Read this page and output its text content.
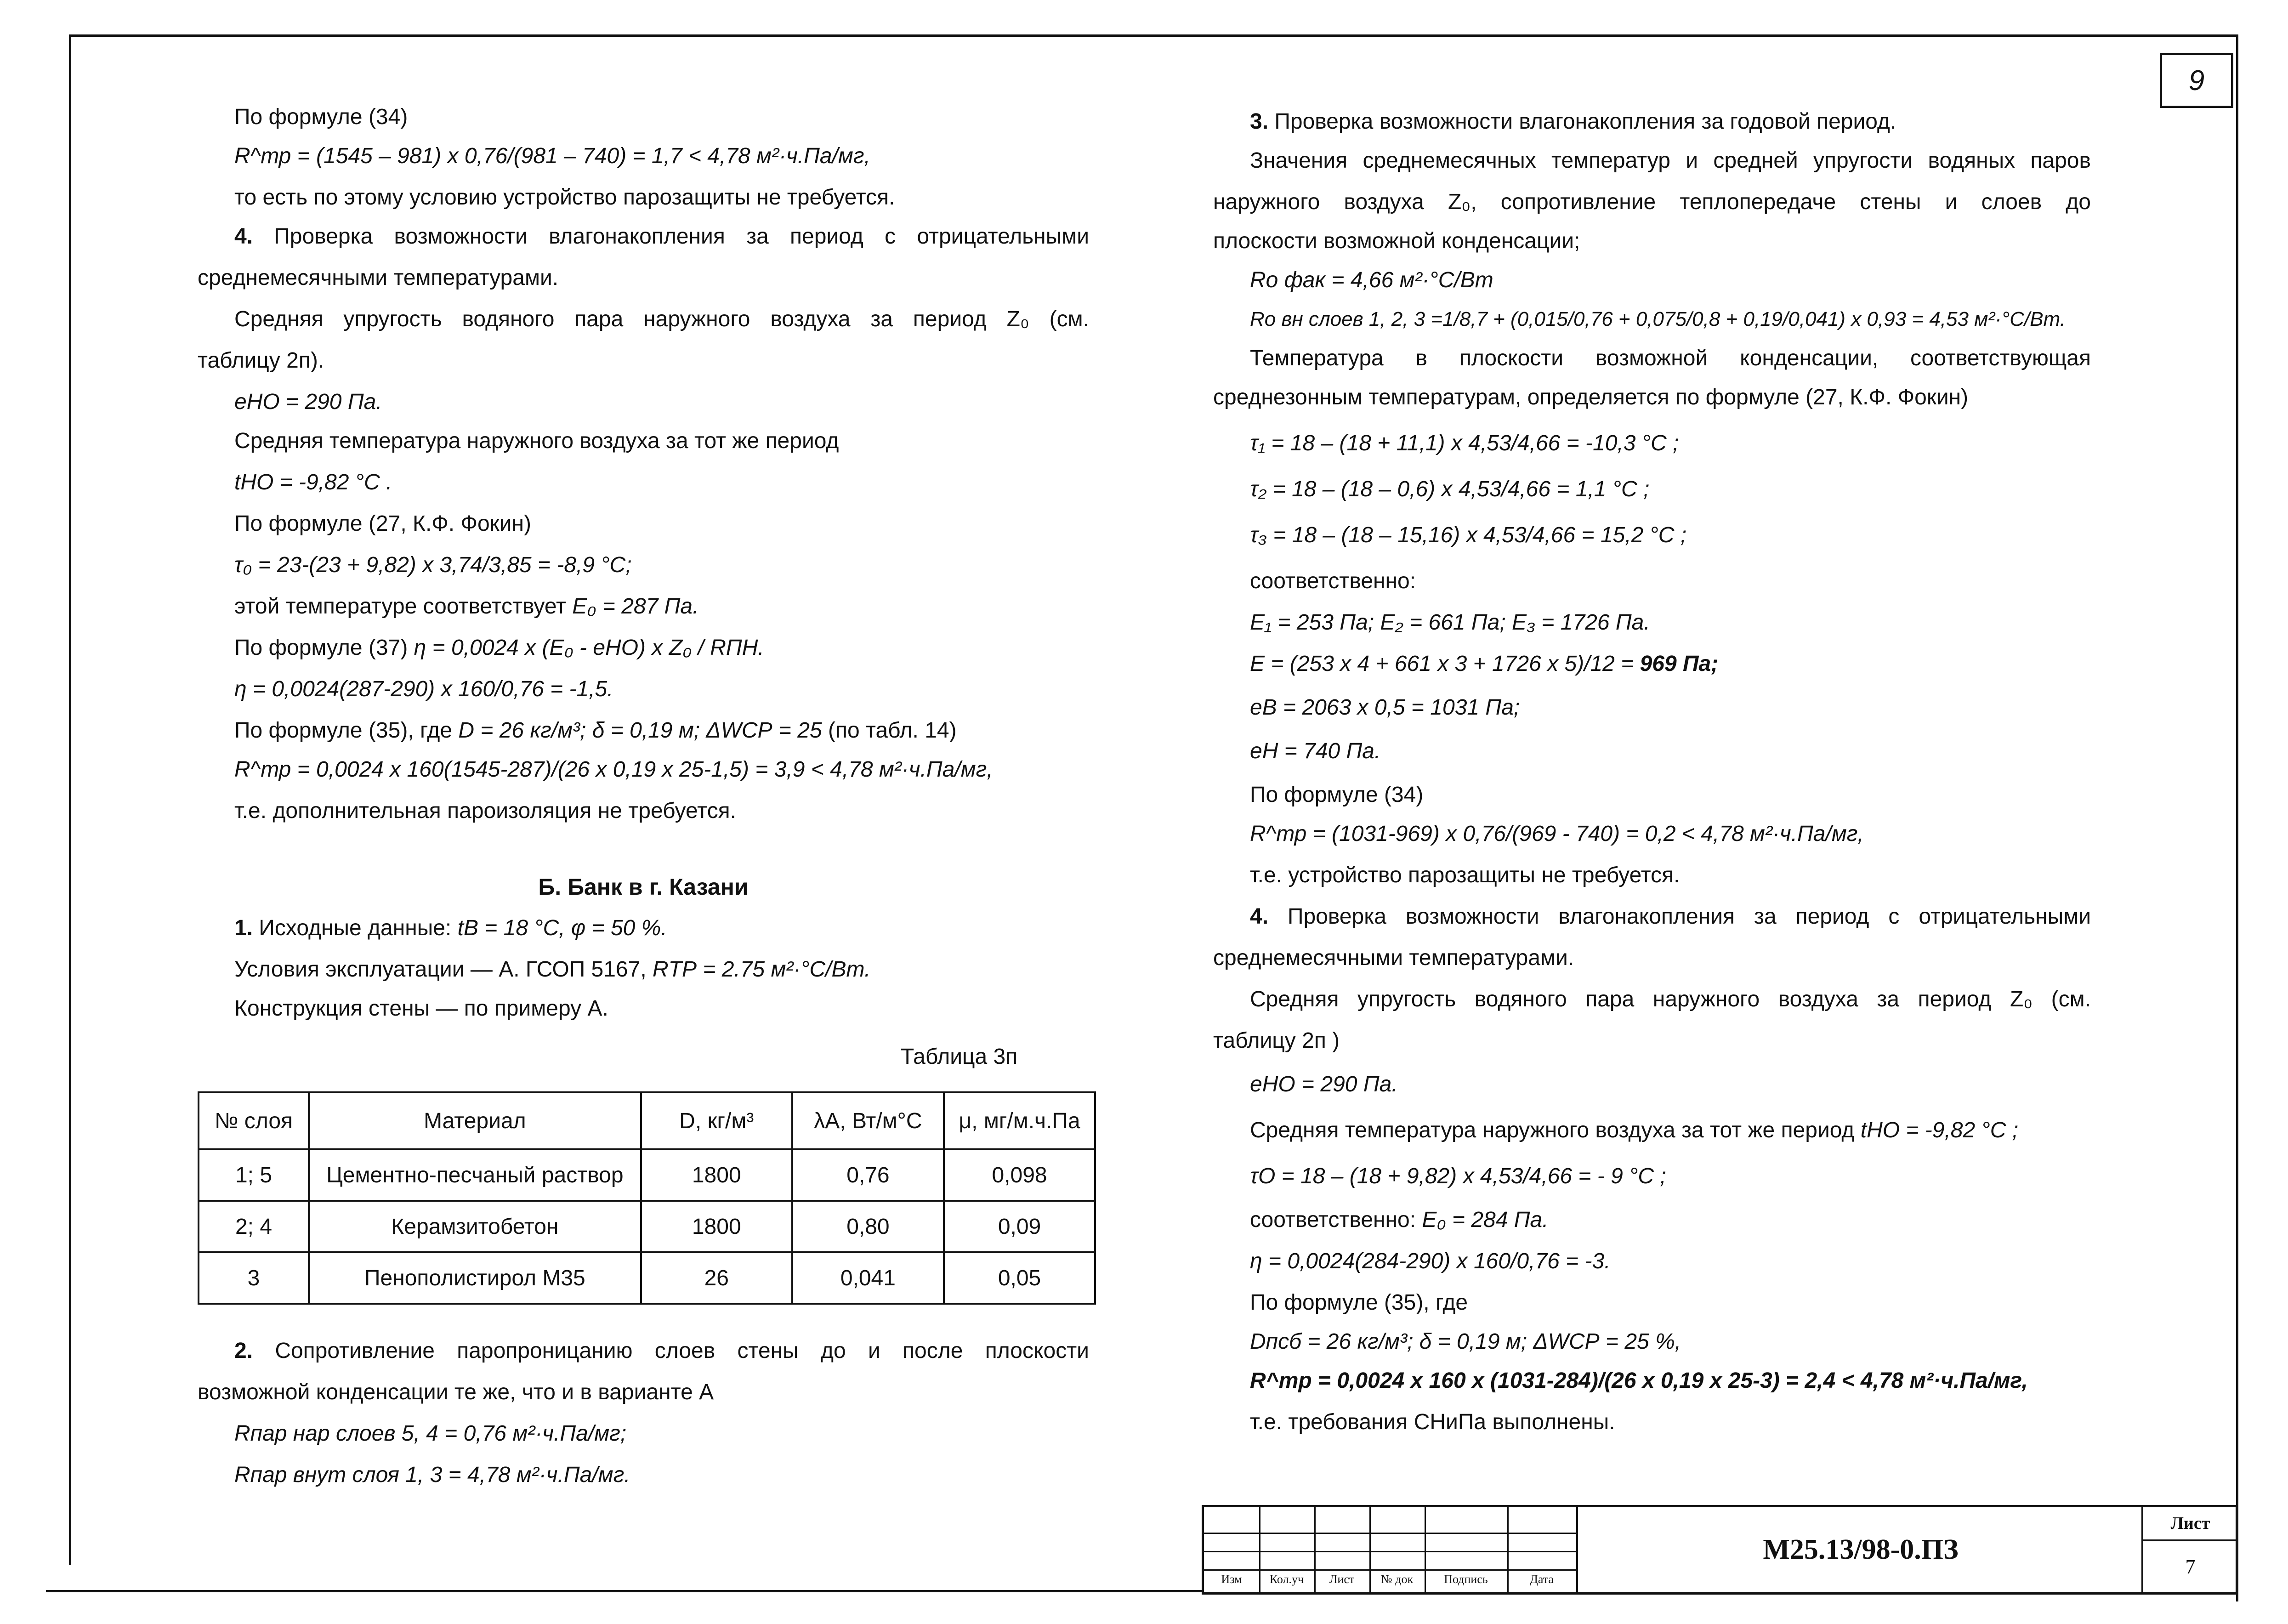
9
По формуле (34)
R^тр = (1545 – 981) x 0,76/(981 – 740) = 1,7 < 4,78 м²·ч.Па/мг,
то есть по этому условию устройство парозащиты не требуется.
4. Проверка возможности влагонакопления за период с отрицательными
среднемесячными температурами.
Средняя упругость водяного пара наружного воздуха за период Z₀ (см.
таблицу 2п).
eНО = 290 Па.
Средняя температура наружного воздуха за тот же период
tНО = -9,82 °С .
По формуле (27, К.Ф. Фокин)
τ₀ = 23-(23 + 9,82) x 3,74/3,85 = -8,9 °С;
этой температуре соответствует E₀ = 287 Па.
По формуле (37) η = 0,0024 x (E₀ - eНО) x Z₀ / RПН.
η = 0,0024(287-290) x 160/0,76 = -1,5.
По формуле (35), где D = 26 кг/м³; δ = 0,19 м; ΔWСР = 25 (по табл. 14)
R^тр = 0,0024 x 160(1545-287)/(26 x 0,19 x 25-1,5) = 3,9 < 4,78 м²·ч.Па/мг,
т.е. дополнительная пароизоляция не требуется.
Б. Банк в г. Казани
1. Исходные данные: tВ = 18 °С, φ = 50 %.
Условия эксплуатации — А. ГСОП 5167, RТР = 2.75 м²·°С/Вт.
Конструкция стены — по примеру А.
Таблица 3п
№ слоя	Материал	D, кг/м³	λА, Вт/м°С	μ, мг/м.ч.Па
1; 5	Цементно-песчаный раствор	1800	0,76	0,098
2; 4	Керамзитобетон	1800	0,80	0,09
3	Пенополистирол М35	26	0,041	0,05
2. Сопротивление паропроницанию слоев стены до и после плоскости
возможной конденсации те же, что и в варианте А
Rпар нар слоев 5, 4 = 0,76 м²·ч.Па/мг;
Rпар внут слоя 1, 3 = 4,78 м²·ч.Па/мг.
3. Проверка возможности влагонакопления за годовой период.
Значения среднемесячных температур и средней упругости водяных паров
наружного воздуха Z₀, сопротивление теплопередаче стены и слоев до
плоскости возможной конденсации;
Rо фак = 4,66 м²·°С/Вт
Rо вн слоев 1, 2, 3 =1/8,7 + (0,015/0,76 + 0,075/0,8 + 0,19/0,041) x 0,93 = 4,53 м²·°С/Вт.
Температура в плоскости возможной конденсации, соответствующая
среднезонным температурам, определяется по формуле (27, К.Ф. Фокин)
τ₁ = 18 – (18 + 11,1) x 4,53/4,66 = -10,3 °С ;
τ₂ = 18 – (18 – 0,6) x 4,53/4,66 = 1,1 °С ;
τ₃ = 18 – (18 – 15,16) x 4,53/4,66 = 15,2 °С ;
соответственно:
E₁ = 253 Па; E₂ = 661 Па; E₃ = 1726 Па.
E = (253 x 4 + 661 x 3 + 1726 x 5)/12 = 969 Па;
eВ = 2063 x 0,5 = 1031 Па;
eН = 740 Па.
По формуле (34)
R^тр = (1031-969) x 0,76/(969 - 740) = 0,2 < 4,78 м²·ч.Па/мг,
т.е. устройство парозащиты не требуется.
4. Проверка возможности влагонакопления за период с отрицательными
среднемесячными температурами.
Средняя упругость водяного пара наружного воздуха за период Z₀ (см.
таблицу 2п )
eНО = 290 Па.
Средняя температура наружного воздуха за тот же период tНО = -9,82 °С ;
τО = 18 – (18 + 9,82) x 4,53/4,66 = - 9 °С ;
соответственно: E₀ = 284 Па.
η = 0,0024(284-290) x 160/0,76 = -3.
По формуле (35), где
Dпсб = 26 кг/м³; δ = 0,19 м; ΔWСР = 25 %,
R^тр = 0,0024 x 160 x (1031-284)/(26 x 0,19 x 25-3) = 2,4 < 4,78 м²·ч.Па/мг,
т.е. требования СНиПа выполнены.
Изм	Кол.уч	Лист	№ док	Подпись	Дата
М25.13/98-0.ПЗ
Лист
7
